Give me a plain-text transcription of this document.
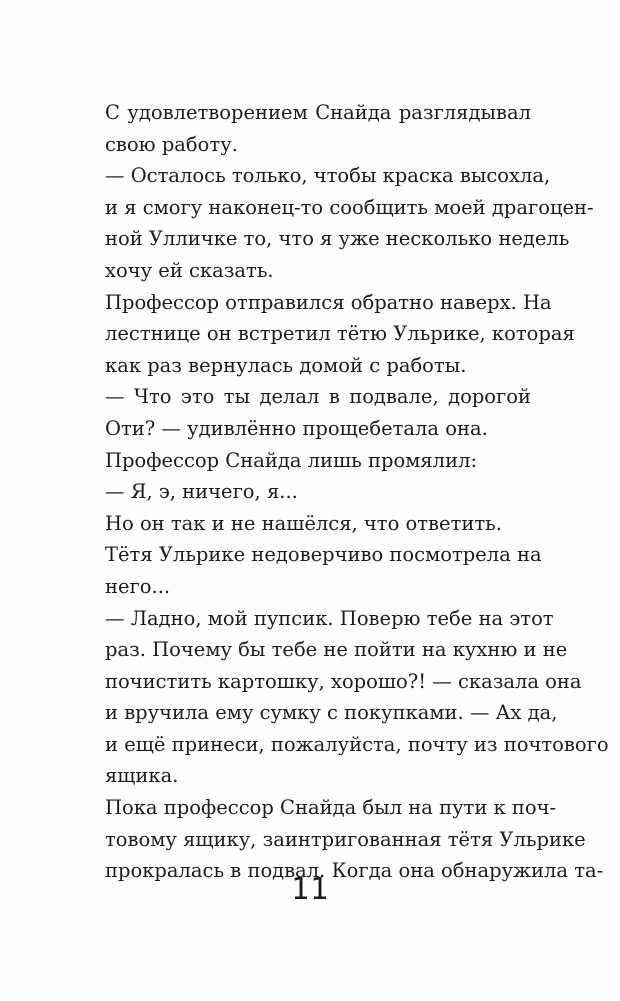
С удовлетворением Снайда разглядывал
свою работу.

— Осталось только, чтобы краска высохла,
и я смогу наконец-то сообщить моей драгоцен-
ной Улличке то, что я уже несколько недель
хочу ей сказать.

Профессор отправился обратно наверх. На
лестнице он встретил тётю Ульрике, которая
как раз вернулась домой с работы.

— Что это ты делал в подвале, дорогой
Оти? — удивлённо прощебетала она.

Профессор Снайда лишь промялил:

— Я, э, ничего, я...

Но он так и не нашёлся, что ответить.

Тётя Ульрике недоверчиво посмотрела на
него...

— Ладно, мой пупсик. Поверю тебе на этот
раз. Почему бы тебе не пойти на кухню и не
почистить картошку, хорошо?! — сказала она
и вручила ему сумку с покупками. — Ах да,
и ещё принеси, пожалуйста, почту из почтового
ящика.

Пока профессор Снайда был на пути к поч-
товому ящику, заинтригованная тётя Ульрике
прокралась в подвал. Когда она обнаружила та-

11
